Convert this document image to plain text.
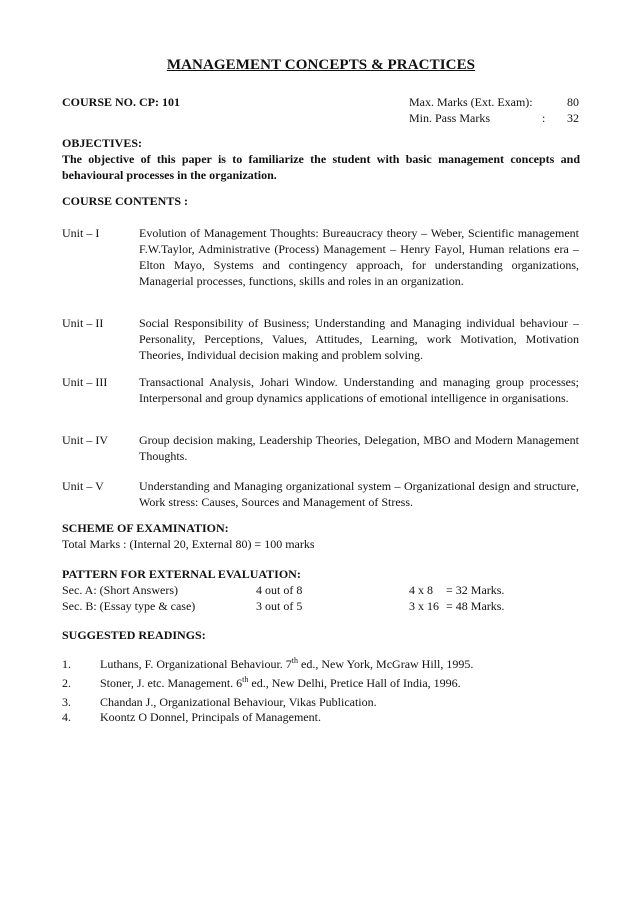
MANAGEMENT CONCEPTS & PRACTICES
COURSE NO. CP: 101	Max. Marks (Ext. Exam):	80
Min. Pass Marks	: 32
OBJECTIVES:
The objective of this paper is to familiarize the student with basic management concepts and behavioural processes in the organization.
COURSE CONTENTS :
Unit – I	Evolution of Management Thoughts: Bureaucracy theory – Weber, Scientific management F.W.Taylor, Administrative (Process) Management – Henry Fayol, Human relations era – Elton Mayo, Systems and contingency approach, for understanding organizations, Managerial processes, functions, skills and roles in an organization.
Unit – II	Social Responsibility of Business; Understanding and Managing individual behaviour – Personality, Perceptions, Values, Attitudes, Learning, work Motivation, Motivation Theories, Individual decision making and problem solving.
Unit – III	Transactional Analysis, Johari Window. Understanding and managing group processes; Interpersonal and group dynamics applications of emotional intelligence in organisations.
Unit – IV	Group decision making, Leadership Theories, Delegation, MBO and Modern Management Thoughts.
Unit – V	Understanding and Managing organizational system – Organizational design and structure, Work stress: Causes, Sources and Management of Stress.
SCHEME OF EXAMINATION:
Total Marks : (Internal 20, External 80) = 100 marks
PATTERN FOR EXTERNAL EVALUATION:
Sec. A: (Short Answers)	4 out of 8	4 x 8 = 32 Marks.
Sec. B: (Essay type & case)	3 out of 5	3 x 16 = 48 Marks.
SUGGESTED READINGS:
1. Luthans, F. Organizational Behaviour. 7th ed., New York, McGraw Hill, 1995.
2. Stoner, J. etc. Management. 6th ed., New Delhi, Pretice Hall of India, 1996.
3. Chandan J., Organizational Behaviour, Vikas Publication.
4. Koontz O Donnel, Principals of Management.
